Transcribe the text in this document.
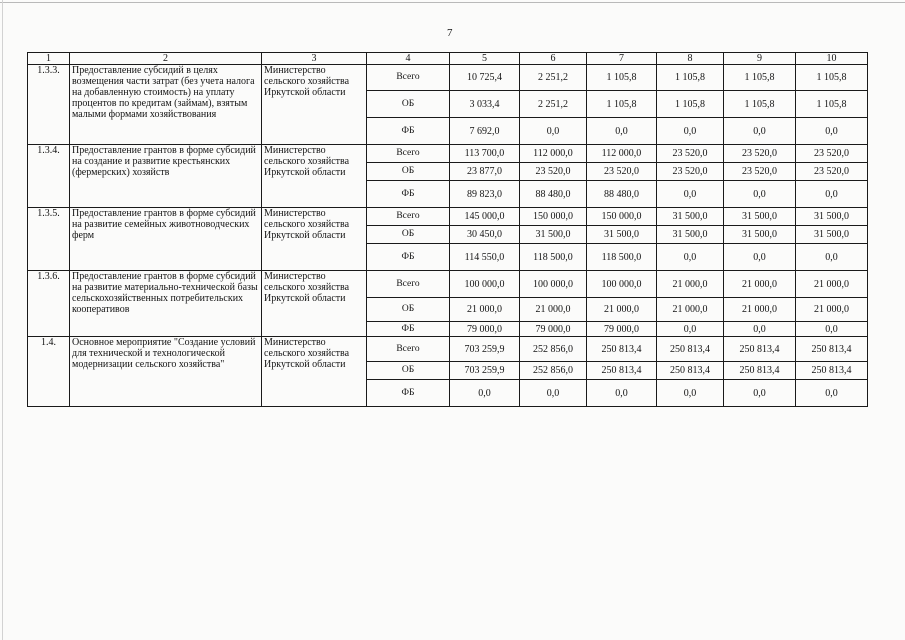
7
1	2	3	4	5	6	7	8	9	10
1.3.3.	Предоставление субсидий в целях возмещения части затрат (без учета налога на добавленную стоимость) на уплату процентов по кредитам (займам), взятым малыми формами хозяйствования	Министерство сельского хозяйства Иркутской области	Всего	10 725,4	2 251,2	1 105,8	1 105,8	1 105,8	1 105,8
			ОБ	3 033,4	2 251,2	1 105,8	1 105,8	1 105,8	1 105,8
			ФБ	7 692,0	0,0	0,0	0,0	0,0	0,0
1.3.4.	Предоставление грантов в форме субсидий на создание и развитие крестьянских (фермерских) хозяйств	Министерство сельского хозяйства Иркутской области	Всего	113 700,0	112 000,0	112 000,0	23 520,0	23 520,0	23 520,0
			ОБ	23 877,0	23 520,0	23 520,0	23 520,0	23 520,0	23 520,0
			ФБ	89 823,0	88 480,0	88 480,0	0,0	0,0	0,0
1.3.5.	Предоставление грантов в форме субсидий на развитие семейных животноводческих ферм	Министерство сельского хозяйства Иркутской области	Всего	145 000,0	150 000,0	150 000,0	31 500,0	31 500,0	31 500,0
			ОБ	30 450,0	31 500,0	31 500,0	31 500,0	31 500,0	31 500,0
			ФБ	114 550,0	118 500,0	118 500,0	0,0	0,0	0,0
1.3.6.	Предоставление грантов в форме субсидий на развитие материально-технической базы сельскохозяйственных потребительских кооперативов	Министерство сельского хозяйства Иркутской области	Всего	100 000,0	100 000,0	100 000,0	21 000,0	21 000,0	21 000,0
			ОБ	21 000,0	21 000,0	21 000,0	21 000,0	21 000,0	21 000,0
			ФБ	79 000,0	79 000,0	79 000,0	0,0	0,0	0,0
1.4.	Основное мероприятие "Создание условий для технической и технологической модернизации сельского хозяйства"	Министерство сельского хозяйства Иркутской области	Всего	703 259,9	252 856,0	250 813,4	250 813,4	250 813,4	250 813,4
			ОБ	703 259,9	252 856,0	250 813,4	250 813,4	250 813,4	250 813,4
			ФБ	0,0	0,0	0,0	0,0	0,0	0,0
